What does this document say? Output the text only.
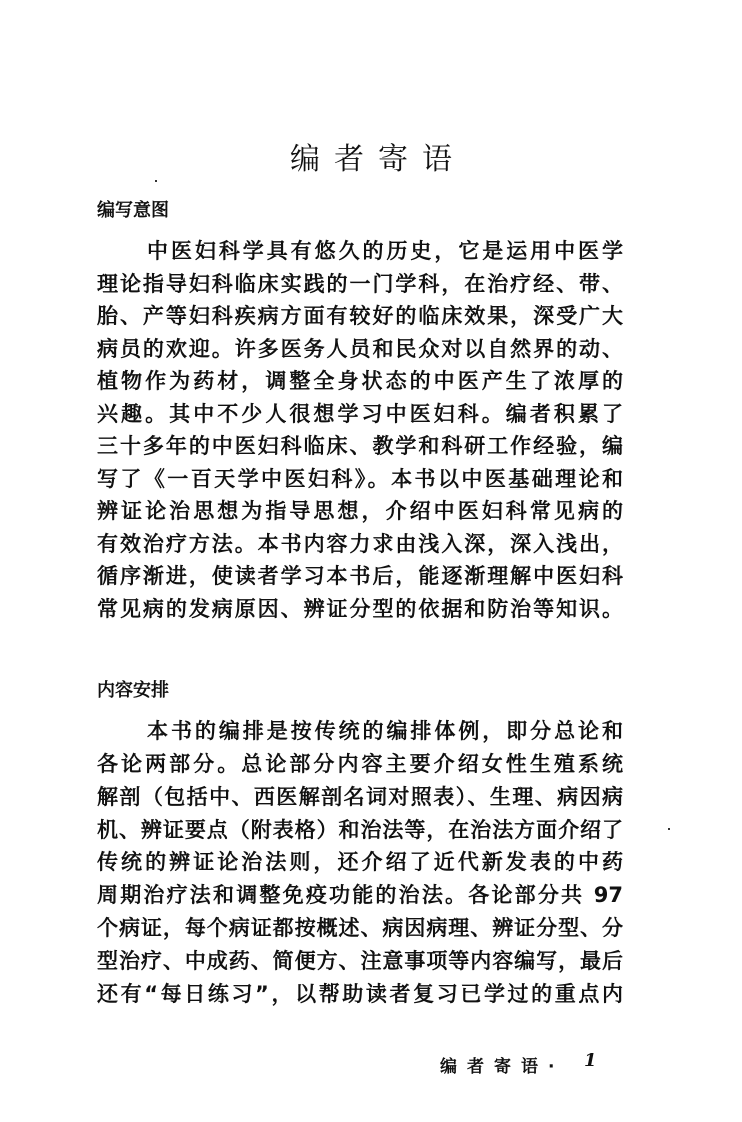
编者寄语
编写意图
中医妇科学具有悠久的历史，它是运用中医学
理论指导妇科临床实践的一门学科，在治疗经、带、
胎、产等妇科疾病方面有较好的临床效果，深受广大
病员的欢迎。许多医务人员和民众对以自然界的动、
植物作为药材，调整全身状态的中医产生了浓厚的
兴趣。其中不少人很想学习中医妇科。编者积累了
三十多年的中医妇科临床、教学和科研工作经验，编
写了《一百天学中医妇科》。本书以中医基础理论和
辨证论治思想为指导思想，介绍中医妇科常见病的
有效治疗方法。本书内容力求由浅入深，深入浅出，
循序渐进，使读者学习本书后，能逐渐理解中医妇科
常见病的发病原因、辨证分型的依据和防治等知识。
内容安排
本书的编排是按传统的编排体例，即分总论和
各论两部分。总论部分内容主要介绍女性生殖系统
解剖（包括中、西医解剖名词对照表）、生理、病因病
机、辨证要点（附表格）和治法等，在治法方面介绍了
传统的辨证论治法则，还介绍了近代新发表的中药
周期治疗法和调整免疫功能的治法。各论部分共 97
个病证，每个病证都按概述、病因病理、辨证分型、分
型治疗、中成药、简便方、注意事项等内容编写，最后
还有“每日练习”，以帮助读者复习已学过的重点内
编者寄语· 1
